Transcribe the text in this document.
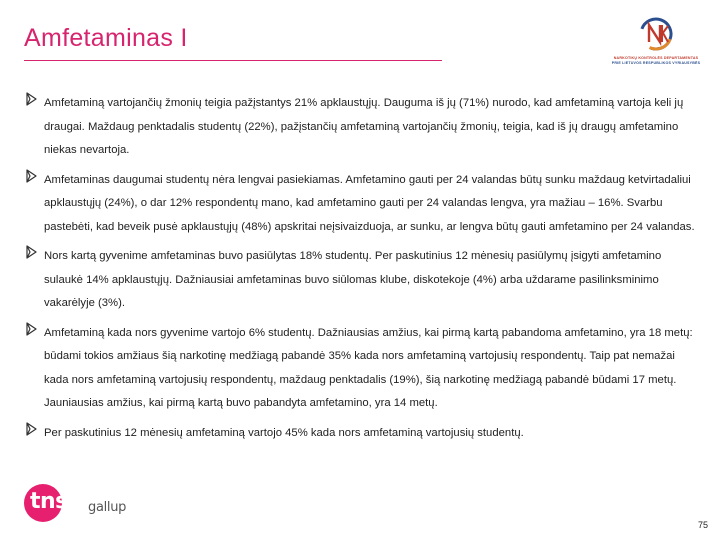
Amfetaminas I
NARKOTIKŲ KONTROLĖS DEPARTAMENTAS
PRIE LIETUVOS RESPUBLIKOS VYRIAUSYBĖS

Amfetaminą vartojančių žmonių teigia pažįstantys 21% apklaustųjų. Dauguma iš jų (71%) nurodo, kad amfetaminą vartoja keli jų draugai. Maždaug penktadalis studentų (22%), pažįstančių amfetaminą vartojančių žmonių, teigia, kad iš jų draugų amfetamino niekas nevartoja.

Amfetaminas daugumai studentų nėra lengvai pasiekiamas. Amfetamino gauti per 24 valandas būtų sunku maždaug ketvirtadaliui apklaustųjų (24%), o dar 12% respondentų mano, kad amfetamino gauti per 24 valandas lengva, yra mažiau – 16%. Svarbu pastebėti, kad beveik pusė apklaustųjų (48%) apskritai neįsivaizduoja, ar sunku, ar lengva būtų gauti amfetamino per 24 valandas.

Nors kartą gyvenime amfetaminas buvo pasiūlytas 18% studentų. Per paskutinius 12 mėnesių pasiūlymų įsigyti amfetamino sulaukė 14% apklaustųjų. Dažniausiai amfetaminas buvo siūlomas klube, diskotekoje (4%) arba uždarame pasilinksminimo vakarėlyje (3%).

Amfetaminą kada nors gyvenime vartojo 6% studentų. Dažniausias amžius, kai pirmą kartą pabandoma amfetamino, yra 18 metų: būdami tokios amžiaus šią narkotinę medžiagą pabandė 35% kada nors amfetaminą vartojusių respondentų. Taip pat nemažai kada nors amfetaminą vartojusių respondentų, maždaug penktadalis (19%), šią narkotinę medžiagą pabandė būdami 17 metų. Jauniausias amžius, kai pirmą kartą buvo pabandyta amfetamino, yra 14 metų.

Per paskutinius 12 mėnesių amfetaminą vartojo 45% kada nors amfetaminą vartojusių studentų.

tns gallup
75
